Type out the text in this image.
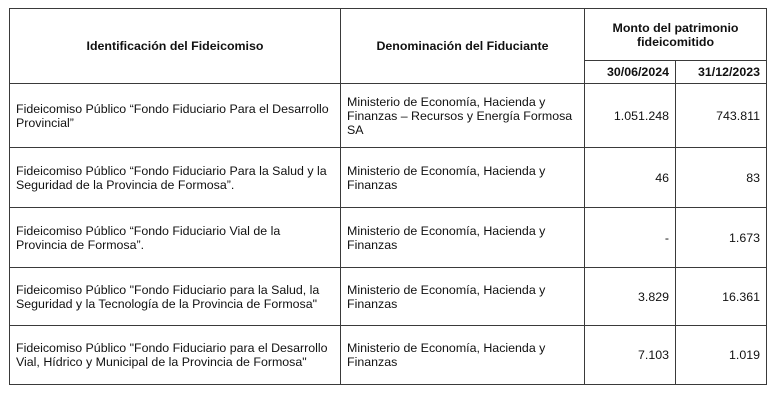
Identificación del Fideicomiso	Denominación del Fiduciante	Monto del patrimonio fideicomitido	
		30/06/2024	31/12/2023
Fideicomiso Público “Fondo Fiduciario Para el Desarrollo Provincial”	Ministerio de Economía, Hacienda y Finanzas – Recursos y Energía Formosa SA	1.051.248	743.811
Fideicomiso Público “Fondo Fiduciario Para la Salud y la Seguridad de la Provincia de Formosa”.	Ministerio de Economía, Hacienda y Finanzas	46	83
Fideicomiso Público “Fondo Fiduciario Vial de la Provincia de Formosa”.	Ministerio de Economía, Hacienda y Finanzas	-	1.673
Fideicomiso Público "Fondo Fiduciario para la Salud, la Seguridad y la Tecnología de la Provincia de Formosa"	Ministerio de Economía, Hacienda y Finanzas	3.829	16.361
Fideicomiso Público "Fondo Fiduciario para el Desarrollo Vial, Hídrico y Municipal de la Provincia de Formosa"	Ministerio de Economía, Hacienda y Finanzas	7.103	1.019
